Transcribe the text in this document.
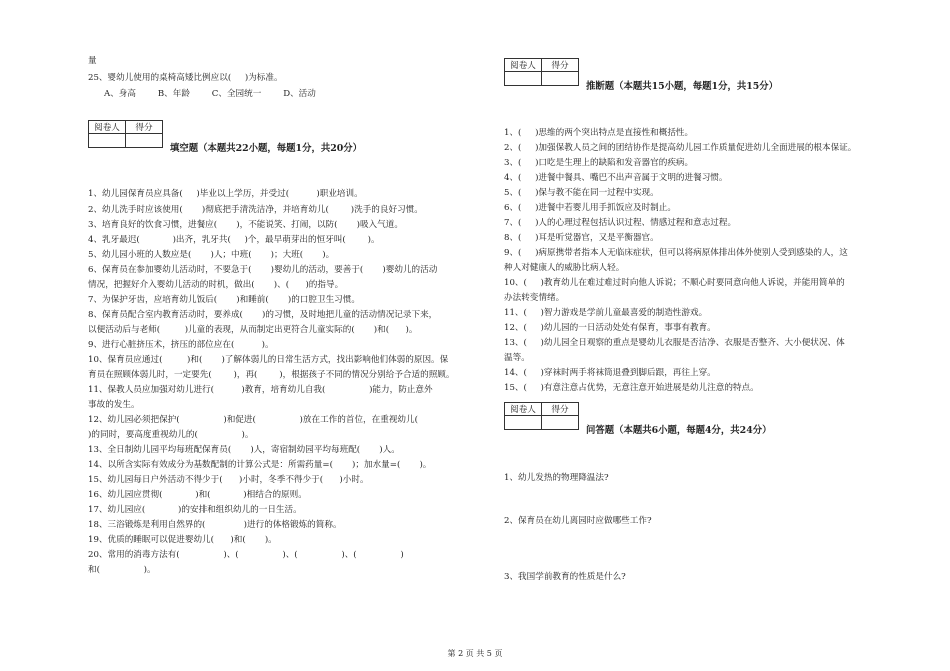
量
25、婴幼儿使用的桌椅高矮比例应以(     )为标准。
A、身高        B、年龄        C、全园统一        D、活动
阅卷人	得分

填空题（本题共22小题，每题1分，共20分）
1、幼儿园保育员应具备(     )毕业以上学历，并受过(          )职业培训。
2、幼儿洗手时应该使用(       )彻底把手清洗洁净，并培育幼儿(        )洗手的良好习惯。
3、培育良好的饮食习惯，进餐应(       )，不能说笑、打闹，以防(       )吸入气道。
4、乳牙最迟(            )出齐，乳牙共(     )个，最早萌芽出的恒牙叫(        )。
5、幼儿园小班的人数应是(       )人；中班(       )；大班(       )。
6、保育员在参加婴幼儿活动时，不要急于(       )婴幼儿的活动，要善于(       )婴幼儿的活动
情况，把握好介入婴幼儿活动的时机，做出(       )、(      )的指导。
7、为保护牙齿，应培育幼儿饭后(       )和睡前(       )的口腔卫生习惯。
8、保育员配合室内教育活动时，要养成(       )的习惯，及时地把儿童的活动情况记录下来，
以便活动后与老师(         )儿童的表现，从而制定出更符合儿童实际的(       )和(      )。
9、进行心脏挤压术，挤压的部位应在(          )。
10、保育员应通过(         )和(       )了解体弱儿的日常生活方式，找出影响他们体弱的原因。保
育员在照顾体弱儿时，一定要先(        )，再(        )，根据孩子不同的情况分别给予合适的照顾。
11、保教人员应加强对幼儿进行(          )教育，培育幼儿自我(                )能力，防止意外
事故的发生。
12、幼儿园必须把保护(                )和促进(                )放在工作的首位，在重视幼儿(
)的同时，要高度重视幼儿的(                )。
13、全日制幼儿园平均每班配保育员(       )人，寄宿制幼园平均每班配(       )人。
14、以所含实际有效成分为基数配制的计算公式是：所需药量=(       )；加水量=(       )。
15、幼儿园每日户外活动不得少于(      )小时，冬季不得少于(      )小时。
16、幼儿园应贯彻(            )和(            )相结合的原则。
17、幼儿园应(            )的安排和组织幼儿的一日生活。
18、三浴锻炼是利用自然界的(              )进行的体格锻炼的简称。
19、优质的睡眠可以促进婴幼儿(      )和(       )。
20、常用的消毒方法有(                )、(                )、(                )、(                )
和(                )。
阅卷人	得分

推断题（本题共15小题，每题1分，共15分）
1、(     )思维的两个突出特点是直接性和概括性。
2、(     )加强保教人员之间的团结协作是提高幼儿园工作质量促进幼儿全面进展的根本保证。
3、(     )口吃是生理上的缺陷和发音器官的疾病。
4、(     )进餐中餐具、嘴巴不出声音属于文明的进餐习惯。
5、(     )保与教不能在同一过程中实现。
6、(     )进餐中若婴儿用手抓饭应及时制止。
7、(     )人的心理过程包括认识过程、情感过程和意志过程。
8、(     )耳是听觉器官，又是平衡器官。
9、(     )病原携带者指本人无临床症状，但可以将病原体排出体外使别人受到感染的人，这
种人对健康人的威胁比病人轻。
10、(     )教育幼儿在难过难过时向他人诉说；不顺心时要同意向他人诉说，并能用简单的
办法转变情绪。
11、(     )智力游戏是学前儿童最喜爱的制造性游戏。
12、(     )幼儿园的一日活动处处有保育，事事有教育。
13、(     )幼儿园全日观察的重点是婴幼儿衣服是否洁净、衣服是否整齐、大小便状况、体
温等。
14、(     )穿袜时两手将袜筒退叠到脚后跟，再往上穿。
15、(     )有意注意占优势，无意注意开始进展是幼儿注意的特点。
阅卷人	得分

问答题（本题共6小题，每题4分，共24分）
1、幼儿发热的物理降温法?
2、保育员在幼儿离园时应做哪些工作?
3、我国学前教育的性质是什么?
第 2 页 共 5 页
